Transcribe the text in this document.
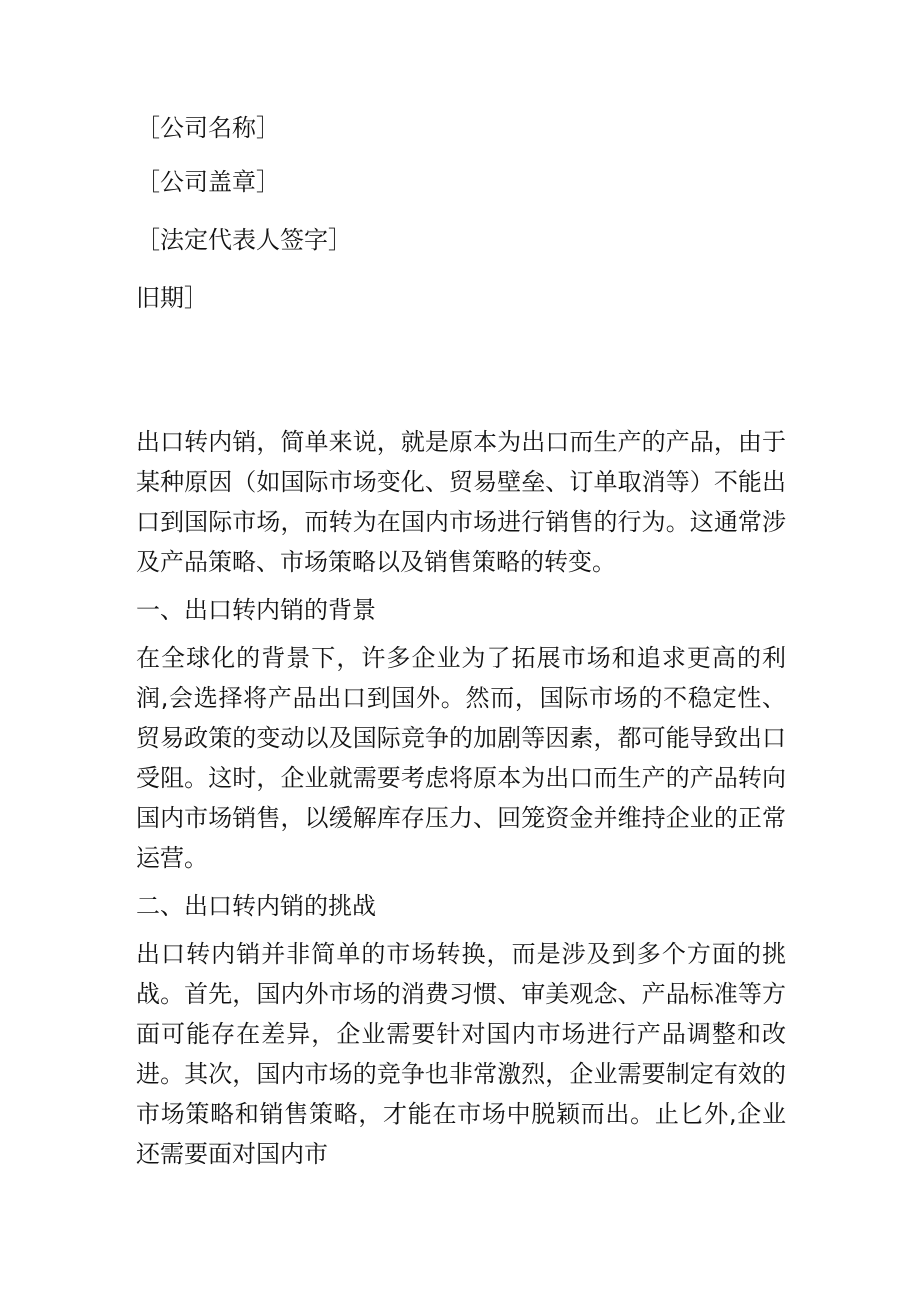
［公司名称］
［公司盖章］
［法定代表人签字］
旧期］

出口转内销，简单来说，就是原本为出口而生产的产品，由于某种原因（如国际市场变化、贸易壁垒、订单取消等）不能出口到国际市场，而转为在国内市场进行销售的行为。这通常涉及产品策略、市场策略以及销售策略的转变。

一、出口转内销的背景

在全球化的背景下，许多企业为了拓展市场和追求更高的利润,会选择将产品出口到国外。然而，国际市场的不稳定性、贸易政策的变动以及国际竞争的加剧等因素，都可能导致出口受阻。这时，企业就需要考虑将原本为出口而生产的产品转向国内市场销售，以缓解库存压力、回笼资金并维持企业的正常运营。

二、出口转内销的挑战

出口转内销并非简单的市场转换，而是涉及到多个方面的挑战。首先，国内外市场的消费习惯、审美观念、产品标准等方面可能存在差异，企业需要针对国内市场进行产品调整和改进。其次，国内市场的竞争也非常激烈，企业需要制定有效的市场策略和销售策略，才能在市场中脱颖而出。止匕外,企业还需要面对国内市
